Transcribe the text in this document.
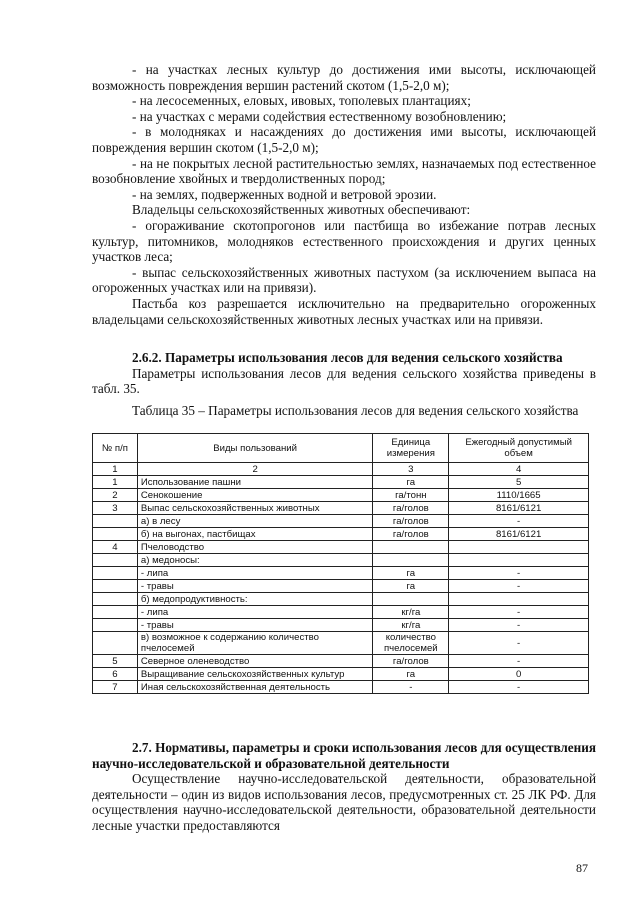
- на участках лесных культур до достижения ими высоты, исключающей возможность повреждения вершин растений скотом (1,5-2,0 м);

- на лесосеменных, еловых, ивовых, тополевых плантациях;

- на участках с мерами содействия естественному возобновлению;

- в молодняках и насаждениях до достижения ими высоты, исключающей повреждения вершин скотом (1,5-2,0 м);

- на не покрытых лесной растительностью землях, назначаемых под естественное возобновление хвойных и твердолиственных пород;

- на землях, подверженных водной и ветровой эрозии.

Владельцы сельскохозяйственных животных обеспечивают:

- огораживание скотопрогонов или пастбища во избежание потрав лесных культур, питомников, молодняков естественного происхождения и других ценных участков леса;

- выпас сельскохозяйственных животных пастухом (за исключением выпаса на огороженных участках или на привязи).

Пастьба коз разрешается исключительно на предварительно огороженных владельцами сельскохозяйственных животных лесных участках или на привязи.

2.6.2. Параметры использования лесов для ведения сельского хозяйства

Параметры использования лесов для ведения сельского хозяйства приведены в табл. 35.

Таблица 35 – Параметры использования лесов для ведения сельского хозяйства
№ п/п	Виды пользований	Единица измерения	Ежегодный допустимый объем
1	2	3	4
1	Использование пашни	га	5
2	Сенокошение	га/тонн	1110/1665
3	Выпас сельскохозяйственных животных	га/голов	8161/6121
	а) в лесу	га/голов	-
	б) на выгонах, пастбищах	га/голов	8161/6121
4	Пчеловодство		
	а) медоносы:		
	- липа	га	-
	- травы	га	-
	б) медопродуктивность:		
	- липа	кг/га	-
	- травы	кг/га	-
	в) возможное к содержанию количество пчелосемей	количество пчелосемей	-
5	Северное оленеводство	га/голов	-
6	Выращивание сельскохозяйственных культур	га	0
7	Иная сельскохозяйственная деятельность	-	-

2.7. Нормативы, параметры и сроки использования лесов для осуществления научно-исследовательской и образовательной деятельности

Осуществление научно-исследовательской деятельности, образовательной деятельности – один из видов использования лесов, предусмотренных ст. 25 ЛК РФ. Для осуществления научно-исследовательской деятельности, образовательной деятельности лесные участки предоставляются

87
